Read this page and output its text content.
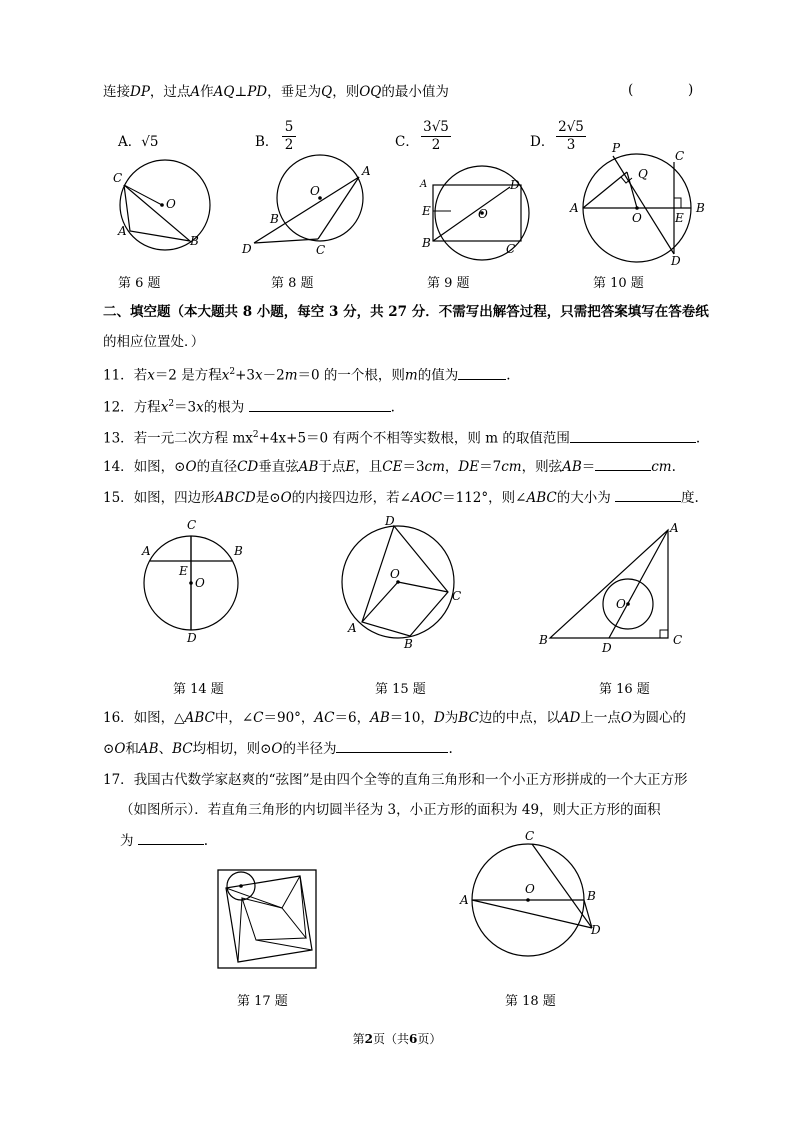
连接DP，过点A作AQ⊥PD，垂足为Q，则OQ的最小值为	(	)
A．√5	B． $\frac{5}{2}$	C． $\frac{3√5}{2}$	D． $\frac{2√5}{3}$
C
O
A
B
O
A
B
C
D
A	D
E	O
B	C
P
C
Q
A
O	E
B
D
第 6 题	第 8 题	第 9 题	第 10 题
二、填空题（本大题共 8 小题，每空 3 分，共 27 分．不需写出解答过程，只需把答案填写在答卷纸
的相应位置处．）
11．若x＝2 是方程$x^2+3x-2m=0$ 的一个根，则m的值为	.
12．方程$x^2=3x$的根为	.
13．若一元二次方程 $mx^2+4x+5=0$ 有两个不相等实数根，则 m 的取值范围	.
14．如图，⊙O的直径CD垂直弦AB于点E，且CE＝3cm，DE＝7cm，则弦AB＝	cm.
15．如图，四边形ABCD是⊙O的内接四边形，若∠AOC＝112°，则∠ABC的大小为	度.
C
A	B
E
O
D
D
O
C
A
B
A
O
B	C
D
第 14 题	第 15 题	第 16 题
16．如图，△ABC中，∠C＝90°，AC＝6，AB＝10，D为BC边的中点，以AD上一点O为圆心的
⊙O和AB、BC均相切，则⊙O的半径为	.
17．我国古代数学家赵爽的“弦图”是由四个全等的直角三角形和一个小正方形拼成的一个大正方形
（如图所示）．若直角三角形的内切圆半径为 3，小正方形的面积为 49，则大正方形的面积
为	.	C
A
O	B
D
第 17 题	第 18 题
第2页（共6页）
